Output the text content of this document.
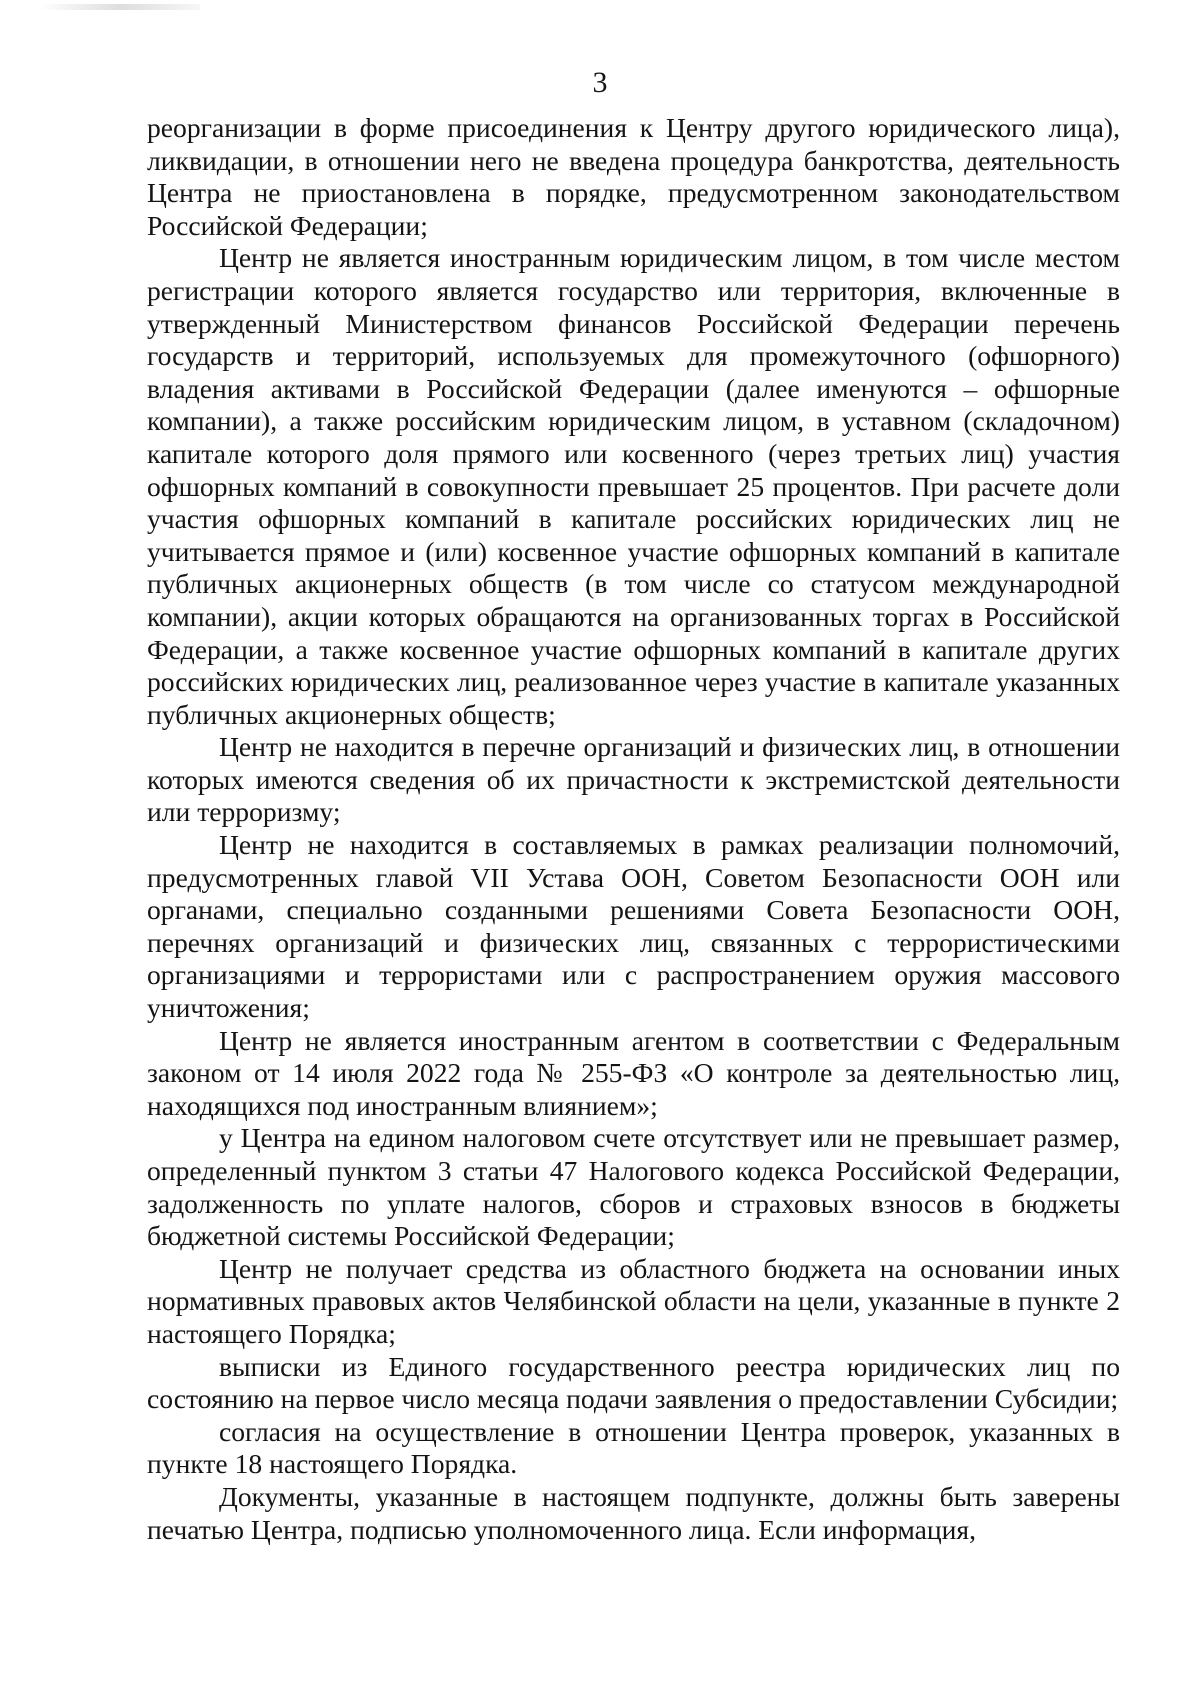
3

реорганизации в форме присоединения к Центру другого юридического лица), ликвидации, в отношении него не введена процедура банкротства, деятельность Центра не приостановлена в порядке, предусмотренном законодательством Российской Федерации;

Центр не является иностранным юридическим лицом, в том числе местом регистрации которого является государство или территория, включенные в утвержденный Министерством финансов Российской Федерации перечень государств и территорий, используемых для промежуточного (офшорного) владения активами в Российской Федерации (далее именуются – офшорные компании), а также российским юридическим лицом, в уставном (складочном) капитале которого доля прямого или косвенного (через третьих лиц) участия офшорных компаний в совокупности превышает 25 процентов. При расчете доли участия офшорных компаний в капитале российских юридических лиц не учитывается прямое и (или) косвенное участие офшорных компаний в капитале публичных акционерных обществ (в том числе со статусом международной компании), акции которых обращаются на организованных торгах в Российской Федерации, а также косвенное участие офшорных компаний в капитале других российских юридических лиц, реализованное через участие в капитале указанных публичных акционерных обществ;

Центр не находится в перечне организаций и физических лиц, в отношении которых имеются сведения об их причастности к экстремистской деятельности или терроризму;

Центр не находится в составляемых в рамках реализации полномочий, предусмотренных главой VII Устава ООН, Советом Безопасности ООН или органами, специально созданными решениями Совета Безопасности ООН, перечнях организаций и физических лиц, связанных с террористическими организациями и террористами или с распространением оружия массового уничтожения;

Центр не является иностранным агентом в соответствии с Федеральным законом от 14 июля 2022 года № 255-ФЗ «О контроле за деятельностью лиц, находящихся под иностранным влиянием»;

у Центра на едином налоговом счете отсутствует или не превышает размер, определенный пунктом 3 статьи 47 Налогового кодекса Российской Федерации, задолженность по уплате налогов, сборов и страховых взносов в бюджеты бюджетной системы Российской Федерации;

Центр не получает средства из областного бюджета на основании иных нормативных правовых актов Челябинской области на цели, указанные в пункте 2 настоящего Порядка;

выписки из Единого государственного реестра юридических лиц по состоянию на первое число месяца подачи заявления о предоставлении Субсидии;

согласия на осуществление в отношении Центра проверок, указанных в пункте 18 настоящего Порядка.

Документы, указанные в настоящем подпункте, должны быть заверены печатью Центра, подписью уполномоченного лица. Если информация,
